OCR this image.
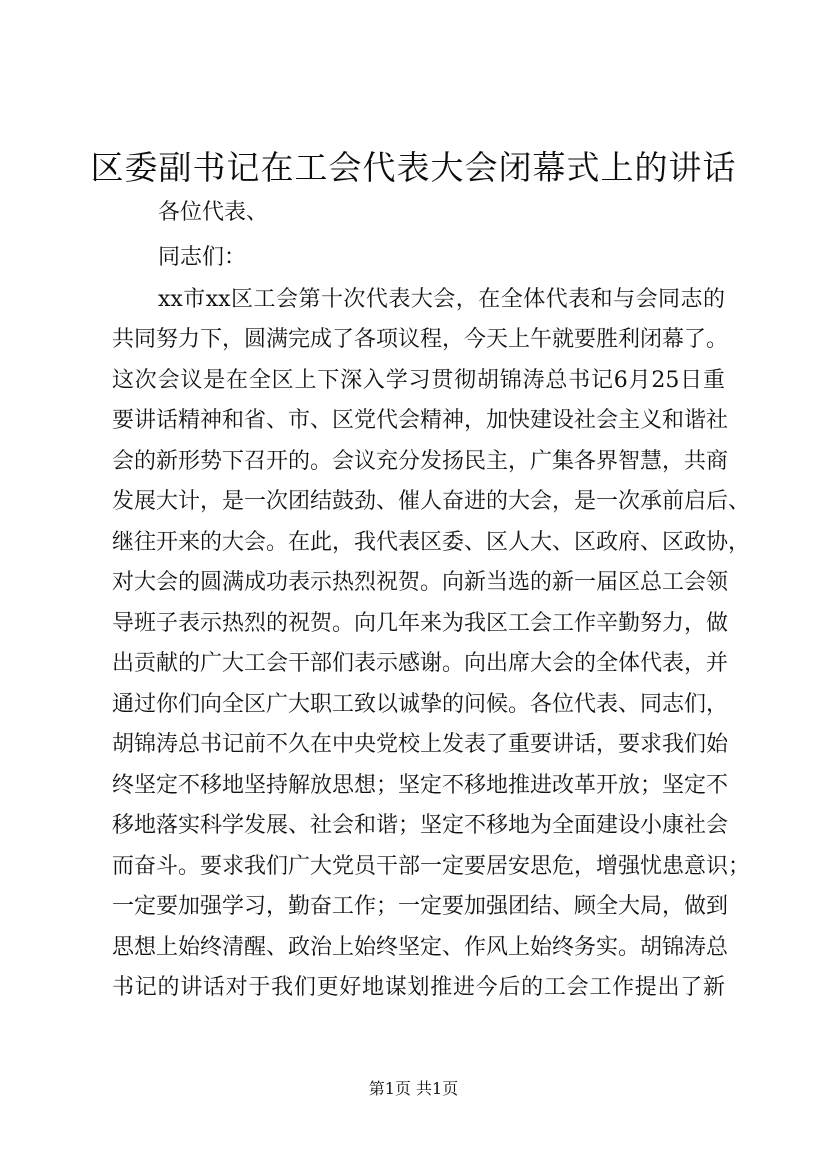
区委副书记在工会代表大会闭幕式上的讲话
各位代表、
同志们：
xx市xx区工会第十次代表大会，在全体代表和与会同志的
共同努力下，圆满完成了各项议程，今天上午就要胜利闭幕了。
这次会议是在全区上下深入学习贯彻胡锦涛总书记6月25日重
要讲话精神和省、市、区党代会精神，加快建设社会主义和谐社
会的新形势下召开的。会议充分发扬民主，广集各界智慧，共商
发展大计，是一次团结鼓劲、催人奋进的大会，是一次承前启后、
继往开来的大会。在此，我代表区委、区人大、区政府、区政协，
对大会的圆满成功表示热烈祝贺。向新当选的新一届区总工会领
导班子表示热烈的祝贺。向几年来为我区工会工作辛勤努力，做
出贡献的广大工会干部们表示感谢。向出席大会的全体代表，并
通过你们向全区广大职工致以诚挚的问候。各位代表、同志们，
胡锦涛总书记前不久在中央党校上发表了重要讲话，要求我们始
终坚定不移地坚持解放思想；坚定不移地推进改革开放；坚定不
移地落实科学发展、社会和谐；坚定不移地为全面建设小康社会
而奋斗。要求我们广大党员干部一定要居安思危，增强忧患意识；
一定要加强学习，勤奋工作；一定要加强团结、顾全大局，做到
思想上始终清醒、政治上始终坚定、作风上始终务实。胡锦涛总
书记的讲话对于我们更好地谋划推进今后的工会工作提出了新
第1页 共1页
